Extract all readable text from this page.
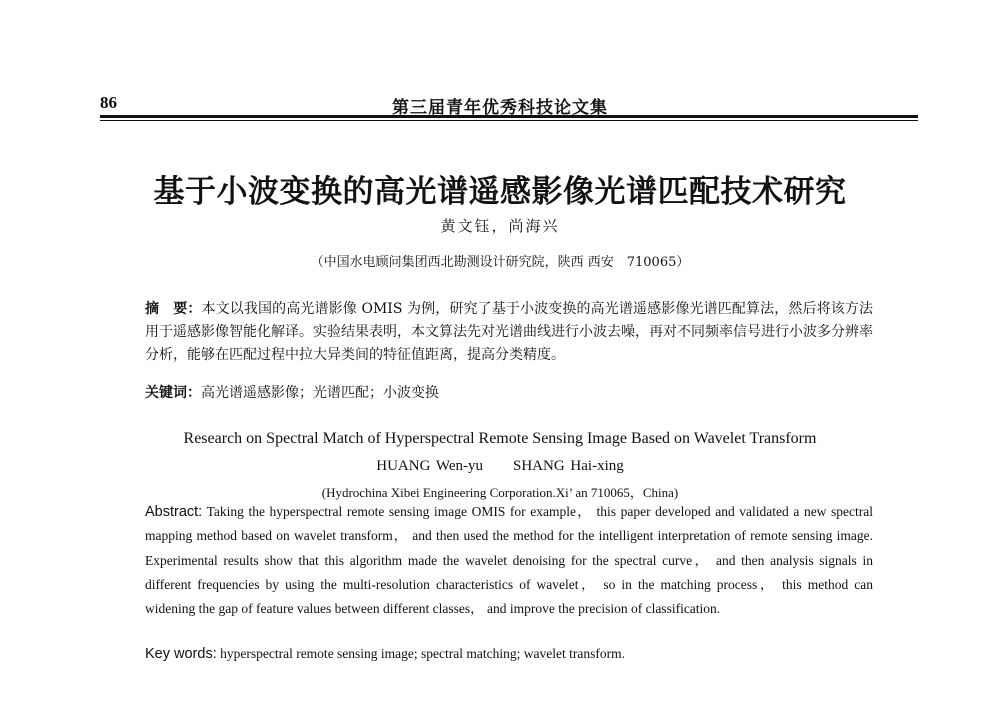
86	第三届青年优秀科技论文集
基于小波变换的高光谱遥感影像光谱匹配技术研究
黄文钰，尚海兴
（中国水电顾问集团西北勘测设计研究院，陕西 西安　710065）
摘　要：本文以我国的高光谱影像 OMIS 为例，研究了基于小波变换的高光谱遥感影像光谱匹配算法，然后将该方法用于遥感影像智能化解译。实验结果表明，本文算法先对光谱曲线进行小波去噪，再对不同频率信号进行小波多分辨率分析，能够在匹配过程中拉大异类间的特征值距离，提高分类精度。
关键词：高光谱遥感影像；光谱匹配；小波变换
Research on Spectral Match of Hyperspectral Remote Sensing Image Based on Wavelet Transform
HUANG Wen-yu　　SHANG Hai-xing
(Hydrochina Xibei Engineering Corporation.Xi’ an 710065，China)
Abstract: Taking the hyperspectral remote sensing image OMIS for example， this paper developed and validated a new spectral mapping method based on wavelet transform， and then used the method for the intelligent interpretation of remote sensing image. Experimental results show that this algorithm made the wavelet denoising for the spectral curve， and then analysis signals in different frequencies by using the multi-resolution characteristics of wavelet， so in the matching process， this method can widening the gap of feature values between different classes， and improve the precision of classification.
Key words: hyperspectral remote sensing image; spectral matching; wavelet transform.
